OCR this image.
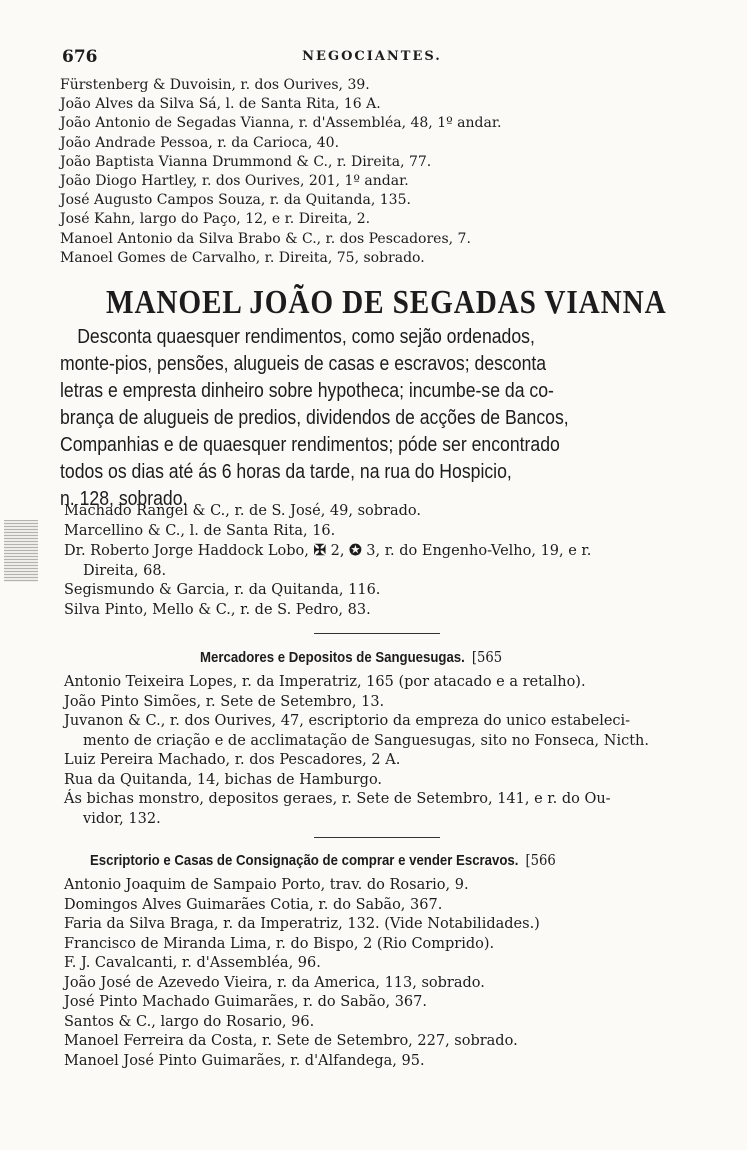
676	NEGOCIANTES.
Fürstenberg & Duvoisin, r. dos Ourives, 39.
João Alves da Silva Sá, l. de Santa Rita, 16 A.
João Antonio de Segadas Vianna, r. d'Assembléa, 48, 1º andar.
João Andrade Pessoa, r. da Carioca, 40.
João Baptista Vianna Drummond & C., r. Direita, 77.
João Diogo Hartley, r. dos Ourives, 201, 1º andar.
José Augusto Campos Souza, r. da Quitanda, 135.
José Kahn, largo do Paço, 12, e r. Direita, 2.
Manoel Antonio da Silva Brabo & C., r. dos Pescadores, 7.
Manoel Gomes de Carvalho, r. Direita, 75, sobrado.
MANOEL JOÃO DE SEGADAS VIANNA
Desconta quaesquer rendimentos, como sejão ordenados,
monte-pios, pensões, alugueis de casas e escravos; desconta
letras e empresta dinheiro sobre hypotheca; incumbe-se da co-
brança de alugueis de predios, dividendos de acções de Bancos,
Companhias e de quaesquer rendimentos; póde ser encontrado
todos os dias até ás 6 horas da tarde, na rua do Hospicio,
n. 128, sobrado.
Machado Rangel & C., r. de S. José, 49, sobrado.
Marcellino & C., l. de Santa Rita, 16.
Dr. Roberto Jorge Haddock Lobo, ✠ 2, ✪ 3, r. do Engenho-Velho, 19, e r.
Direita, 68.
Segismundo & Garcia, r. da Quitanda, 116.
Silva Pinto, Mello & C., r. de S. Pedro, 83.
Mercadores e Depositos de Sanguesugas. [565
Antonio Teixeira Lopes, r. da Imperatriz, 165 (por atacado e a retalho).
João Pinto Simões, r. Sete de Setembro, 13.
Juvanon & C., r. dos Ourives, 47, escriptorio da empreza do unico estabeleci-
mento de criação e de acclimatação de Sanguesugas, sito no Fonseca, Nicth.
Luiz Pereira Machado, r. dos Pescadores, 2 A.
Rua da Quitanda, 14, bichas de Hamburgo.
Ás bichas monstro, depositos geraes, r. Sete de Setembro, 141, e r. do Ou-
vidor, 132.
Escriptorio e Casas de Consignação de comprar e vender Escravos. [566
Antonio Joaquim de Sampaio Porto, trav. do Rosario, 9.
Domingos Alves Guimarães Cotia, r. do Sabão, 367.
Faria da Silva Braga, r. da Imperatriz, 132. (Vide Notabilidades.)
Francisco de Miranda Lima, r. do Bispo, 2 (Rio Comprido).
F. J. Cavalcanti, r. d'Assembléa, 96.
João José de Azevedo Vieira, r. da America, 113, sobrado.
José Pinto Machado Guimarães, r. do Sabão, 367.
Santos & C., largo do Rosario, 96.
Manoel Ferreira da Costa, r. Sete de Setembro, 227, sobrado.
Manoel José Pinto Guimarães, r. d'Alfandega, 95.
